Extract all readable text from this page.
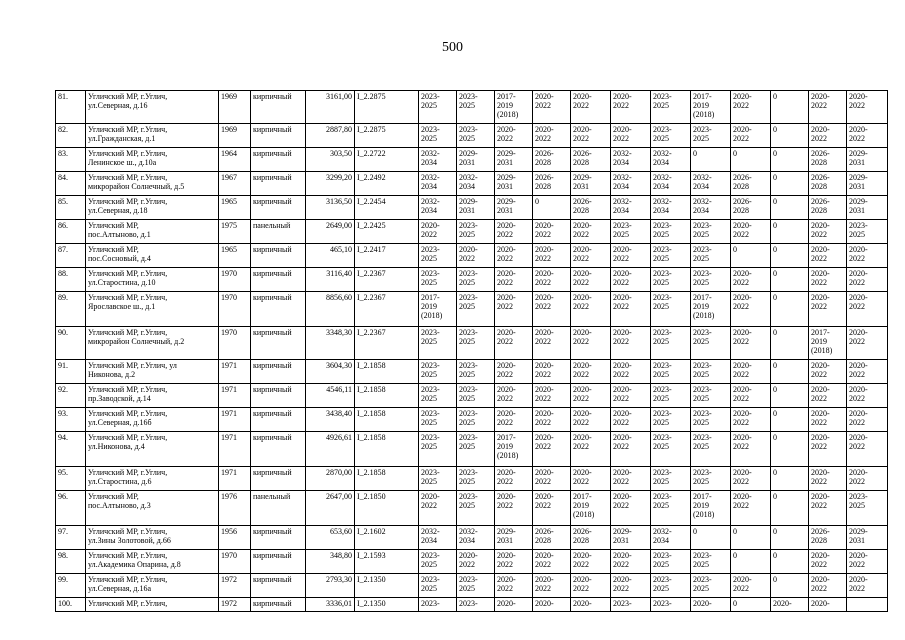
500
81.	Угличский МР, г.Углич,
ул.Северная, д.16	1969	кирпичный	3161,00	I_2.2875	2023-
2025	2023-
2025	2017-
2019
(2018)	2020-
2022	2020-
2022	2020-
2022	2023-
2025	2017-
2019
(2018)	2020-
2022	0	2020-
2022	2020-
2022
82.	Угличский МР, г.Углич,
ул.Гражданская, д.1	1969	кирпичный	2887,80	I_2.2875	2023-
2025	2023-
2025	2020-
2022	2020-
2022	2020-
2022	2020-
2022	2023-
2025	2023-
2025	2020-
2022	0	2020-
2022	2020-
2022
83.	Угличский МР, г.Углич,
Ленинское ш., д.10а	1964	кирпичный	303,50	I_2.2722	2032-
2034	2029-
2031	2029-
2031	2026-
2028	2026-
2028	2032-
2034	2032-
2034	0	0	0	2026-
2028	2029-
2031
84.	Угличский МР, г.Углич,
микрорайон Солнечный, д.5	1967	кирпичный	3299,20	I_2.2492	2032-
2034	2032-
2034	2029-
2031	2026-
2028	2029-
2031	2032-
2034	2032-
2034	2032-
2034	2026-
2028	0	2026-
2028	2029-
2031
85.	Угличский МР, г.Углич,
ул.Северная, д.18	1965	кирпичный	3136,50	I_2.2454	2032-
2034	2029-
2031	2029-
2031	0	2026-
2028	2032-
2034	2032-
2034	2032-
2034	2026-
2028	0	2026-
2028	2029-
2031
86.	Угличский МР,
пос.Алтыново, д.1	1975	панельный	2649,00	I_2.2425	2020-
2022	2023-
2025	2020-
2022	2020-
2022	2020-
2022	2023-
2025	2023-
2025	2023-
2025	2020-
2022	0	2020-
2022	2023-
2025
87.	Угличский МР,
пос.Сосновый, д.4	1965	кирпичный	465,10	I_2.2417	2023-
2025	2020-
2022	2020-
2022	2020-
2022	2020-
2022	2020-
2022	2023-
2025	2023-
2025	0	0	2020-
2022	2020-
2022
88.	Угличский МР, г.Углич,
ул.Старостина, д.10	1970	кирпичный	3116,40	I_2.2367	2023-
2025	2023-
2025	2020-
2022	2020-
2022	2020-
2022	2020-
2022	2023-
2025	2023-
2025	2020-
2022	0	2020-
2022	2020-
2022
89.	Угличский МР, г.Углич,
Ярославское ш., д.1	1970	кирпичный	8856,60	I_2.2367	2017-
2019
(2018)	2023-
2025	2020-
2022	2020-
2022	2020-
2022	2020-
2022	2023-
2025	2017-
2019
(2018)	2020-
2022	0	2020-
2022	2020-
2022
90.	Угличский МР, г.Углич,
микрорайон Солнечный, д.2	1970	кирпичный	3348,30	I_2.2367	2023-
2025	2023-
2025	2020-
2022	2020-
2022	2020-
2022	2020-
2022	2023-
2025	2023-
2025	2020-
2022	0	2017-
2019
(2018)	2020-
2022
91.	Угличский МР, г.Углич, ул
Никонова, д.2	1971	кирпичный	3604,30	I_2.1858	2023-
2025	2023-
2025	2020-
2022	2020-
2022	2020-
2022	2020-
2022	2023-
2025	2023-
2025	2020-
2022	0	2020-
2022	2020-
2022
92.	Угличский МР, г.Углич,
пр.Заводской, д.14	1971	кирпичный	4546,11	I_2.1858	2023-
2025	2023-
2025	2020-
2022	2020-
2022	2020-
2022	2020-
2022	2023-
2025	2023-
2025	2020-
2022	0	2020-
2022	2020-
2022
93.	Угличский МР, г.Углич,
ул.Северная, д.16б	1971	кирпичный	3438,40	I_2.1858	2023-
2025	2023-
2025	2020-
2022	2020-
2022	2020-
2022	2020-
2022	2023-
2025	2023-
2025	2020-
2022	0	2020-
2022	2020-
2022
94.	Угличский МР, г.Углич,
ул.Никонова, д.4	1971	кирпичный	4926,61	I_2.1858	2023-
2025	2023-
2025	2017-
2019
(2018)	2020-
2022	2020-
2022	2020-
2022	2023-
2025	2023-
2025	2020-
2022	0	2020-
2022	2020-
2022
95.	Угличский МР, г.Углич,
ул.Старостина, д.6	1971	кирпичный	2870,00	I_2.1858	2023-
2025	2023-
2025	2020-
2022	2020-
2022	2020-
2022	2020-
2022	2023-
2025	2023-
2025	2020-
2022	0	2020-
2022	2020-
2022
96.	Угличский МР,
пос.Алтыново, д.3	1976	панельный	2647,00	I_2.1850	2020-
2022	2023-
2025	2020-
2022	2020-
2022	2017-
2019
(2018)	2020-
2022	2023-
2025	2017-
2019
(2018)	2020-
2022	0	2020-
2022	2023-
2025
97.	Угличский МР, г.Углич,
ул.Зины Золотовой, д.66	1956	кирпичный	653,60	I_2.1602	2032-
2034	2032-
2034	2029-
2031	2026-
2028	2026-
2028	2029-
2031	2032-
2034	0	0	0	2026-
2028	2029-
2031
98.	Угличский МР, г.Углич,
ул.Академика Опарина, д.8	1970	кирпичный	348,80	I_2.1593	2023-
2025	2020-
2022	2020-
2022	2020-
2022	2020-
2022	2020-
2022	2023-
2025	2023-
2025	0	0	2020-
2022	2020-
2022
99.	Угличский МР, г.Углич,
ул.Северная, д.16а	1972	кирпичный	2793,30	I_2.1350	2023-
2025	2023-
2025	2020-
2022	2020-
2022	2020-
2022	2020-
2022	2023-
2025	2023-
2025	2020-
2022	0	2020-
2022	2020-
2022
100.	Угличский МР, г.Углич,	1972	кирпичный	3336,01	I_2.1350	2023-	2023-	2020-	2020-	2020-	2023-	2023-	2020-	0	2020-	2020-	
